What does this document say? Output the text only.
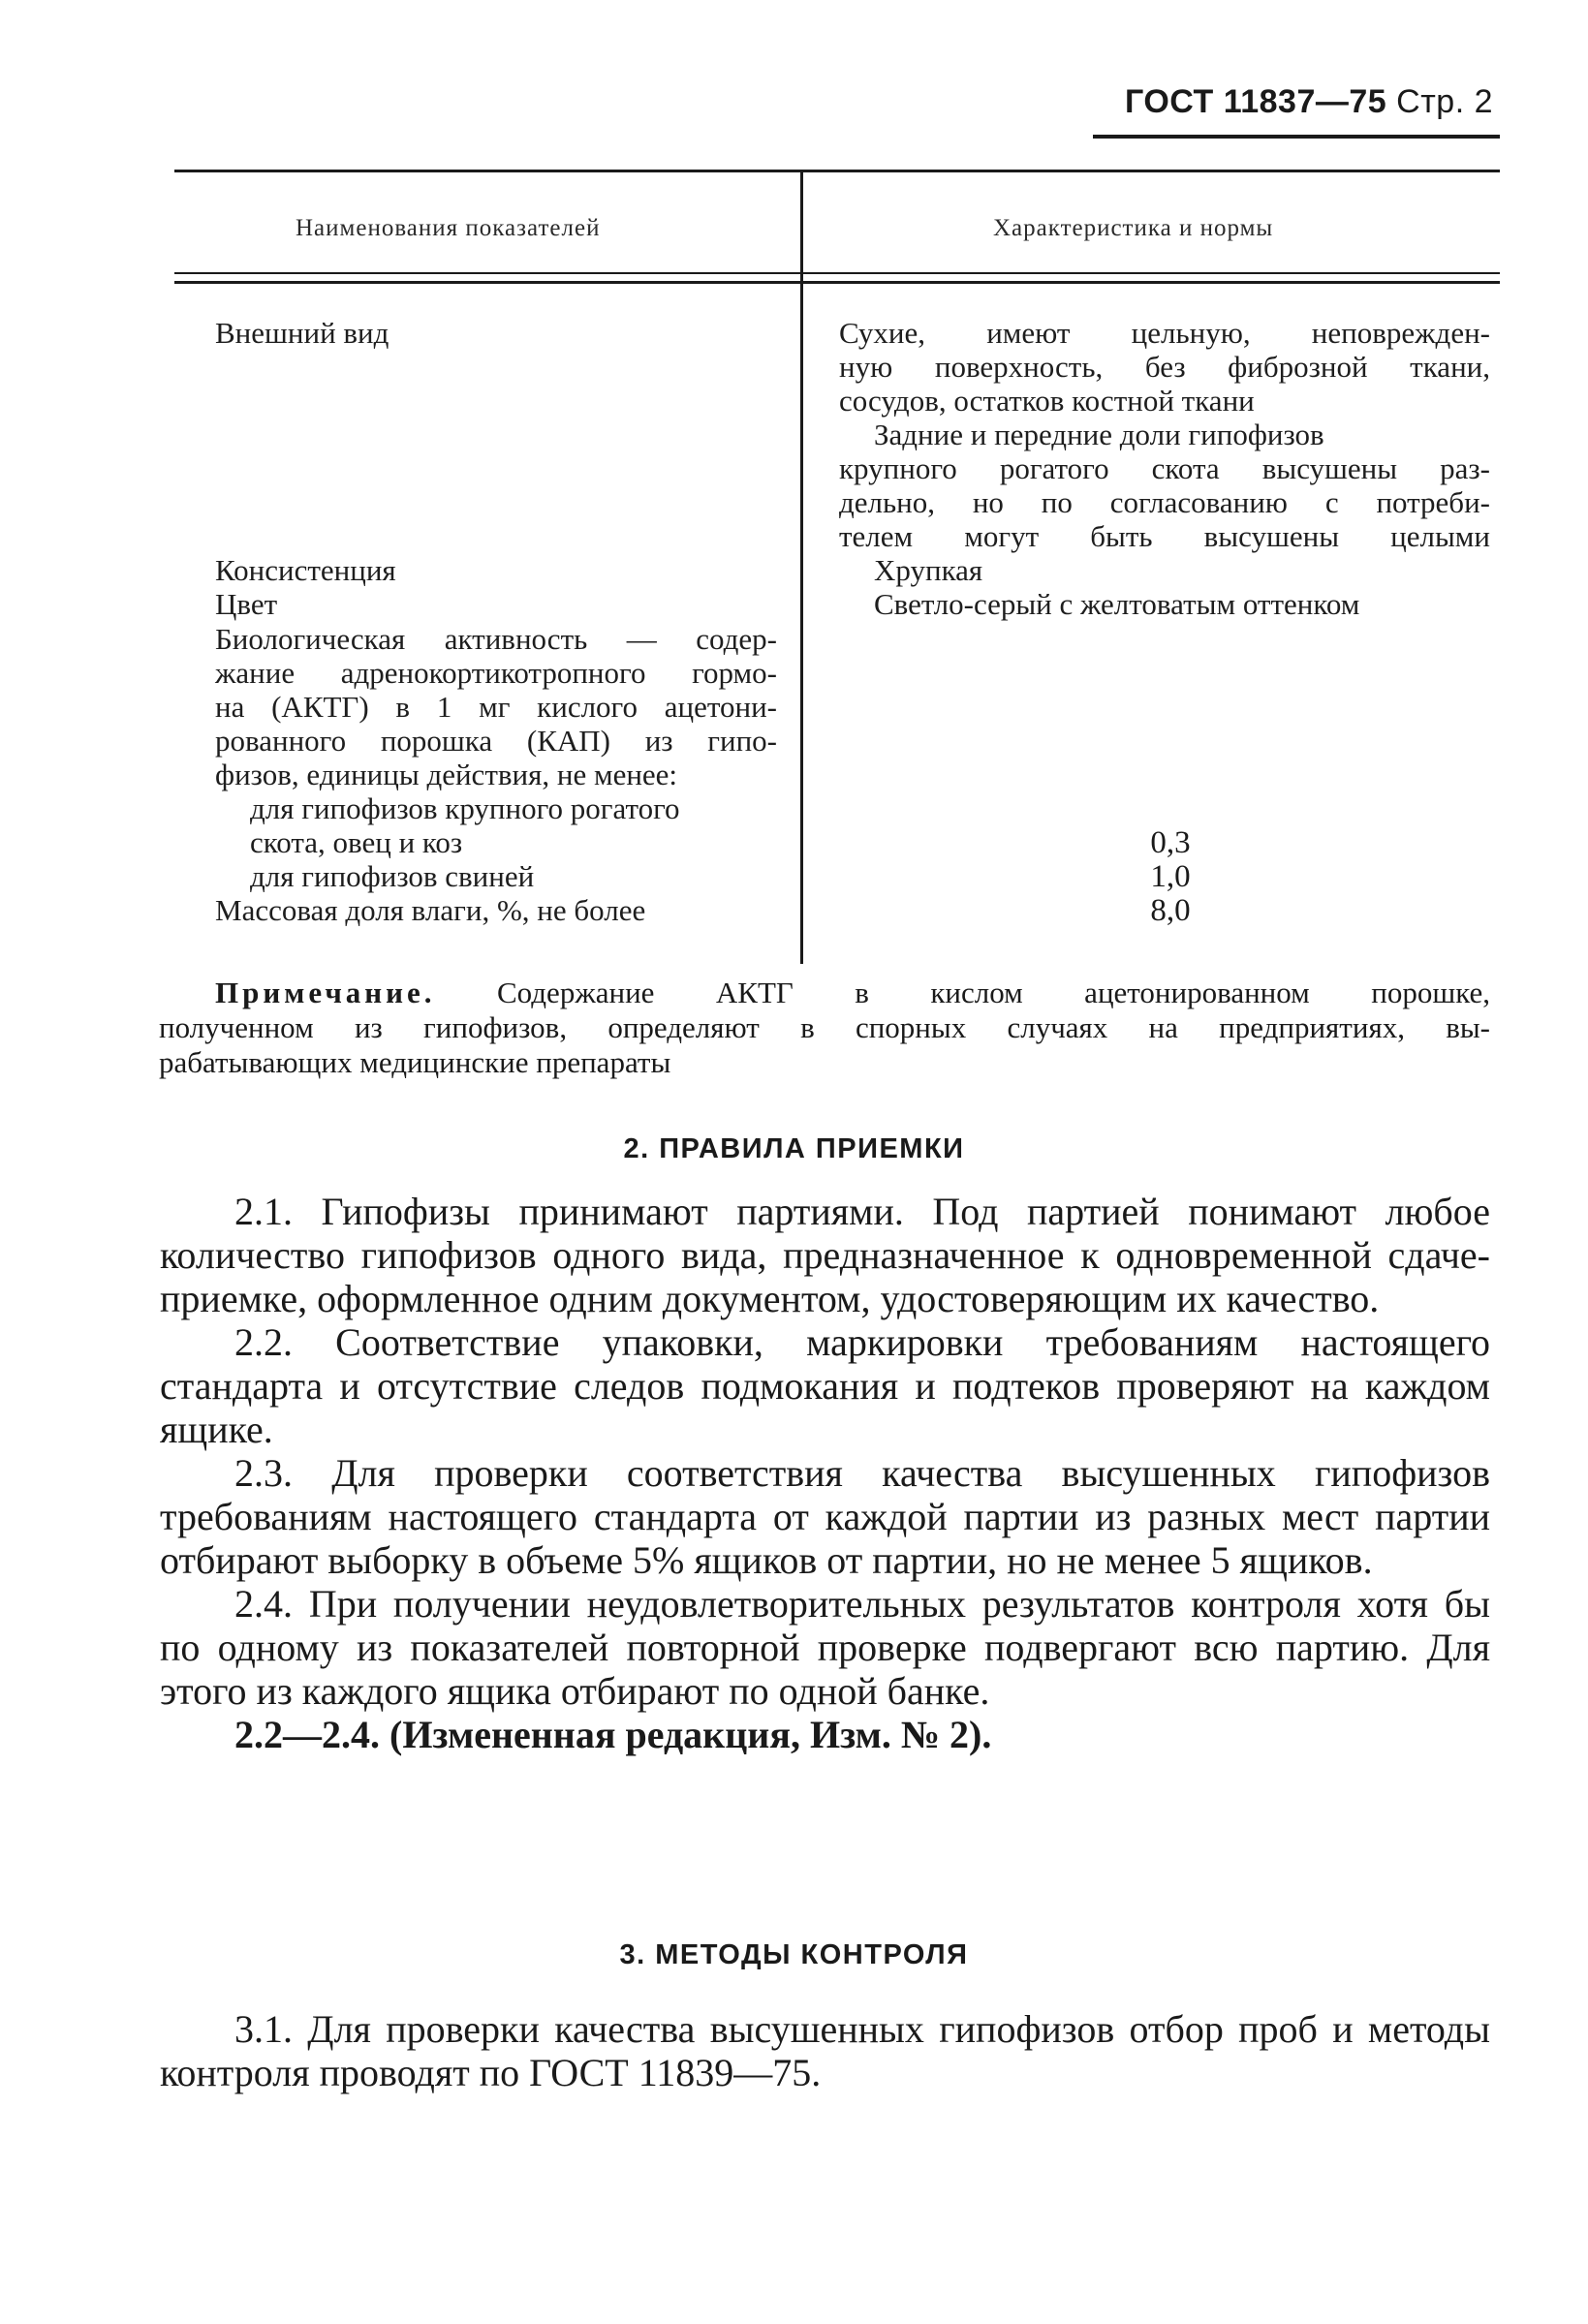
ГОСТ 11837—75 Стр. 2
Наименования показателей	Характеристика и нормы

Внешний вид	Сухие, имеют цельную, неповрежден-

ную поверхность, без фиброзной ткани,

сосудов, остатков костной ткани

Задние и передние доли гипофизов

крупного рогатого скота высушены раз-

дельно, но по согласованию с потреби-

телем могут быть высушены целыми

Консистенция	Хрупкая
Цвет	Светло-серый с желтоватым оттенком

Биологическая активность — содер-

жание адренокортикотропного гормо-

на (АКТГ) в 1 мг кислого ацетони-

рованного порошка (КАП) из гипо-

физов, единицы действия, не менее:

для гипофизов крупного рогатого

скота, овец и коз	0,3
для гипофизов свиней	1,0
Массовая доля влаги, %, не более	8,0

Примечание. Содержание АКТГ в кислом ацетонированном порошке,

полученном из гипофизов, определяют в спорных случаях на предприятиях, вы-

рабатывающих медицинские препараты

2. ПРАВИЛА ПРИЕМКИ

2.1. Гипофизы принимают партиями. Под партией понимают любое количество гипофизов одного вида, предназначенное к одновременной сдаче-приемке, оформленное одним документом, удостоверяющим их качество.

2.2. Соответствие упаковки, маркировки требованиям настоящего стандарта и отсутствие следов подмокания и подтеков проверяют на каждом ящике.

2.3. Для проверки соответствия качества высушенных гипофизов требованиям настоящего стандарта от каждой партии из разных мест партии отбирают выборку в объеме 5% ящиков от партии, но не менее 5 ящиков.

2.4. При получении неудовлетворительных результатов контроля хотя бы по одному из показателей повторной проверке подвергают всю партию. Для этого из каждого ящика отбирают по одной банке.

2.2—2.4. (Измененная редакция, Изм. № 2).

3. МЕТОДЫ КОНТРОЛЯ

3.1. Для проверки качества высушенных гипофизов отбор проб и методы контроля проводят по ГОСТ 11839—75.
